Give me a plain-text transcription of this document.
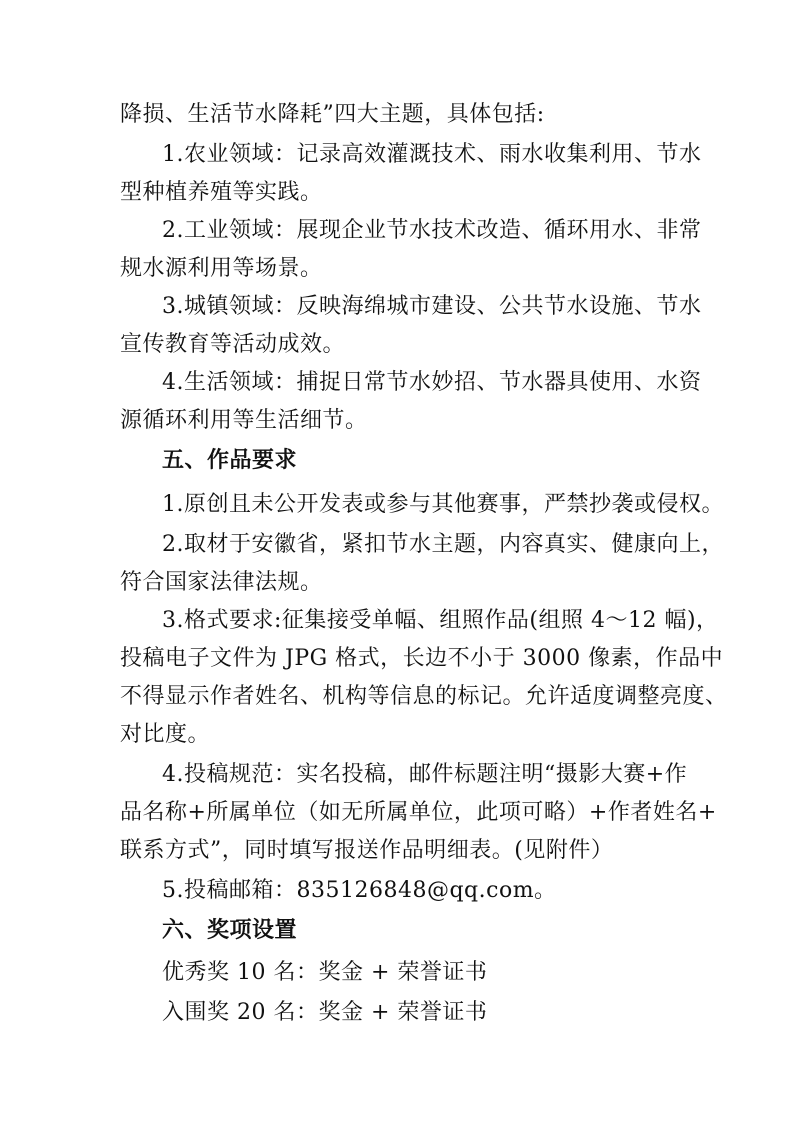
降损、生活节水降耗”四大主题，具体包括:
1.农业领域：记录高效灌溉技术、雨水收集利用、节水
型种植养殖等实践。
2.工业领域：展现企业节水技术改造、循环用水、非常
规水源利用等场景。
3.城镇领域：反映海绵城市建设、公共节水设施、节水
宣传教育等活动成效。
4.生活领域：捕捉日常节水妙招、节水器具使用、水资
源循环利用等生活细节。
五、作品要求
1.原创且未公开发表或参与其他赛事，严禁抄袭或侵权。
2.取材于安徽省，紧扣节水主题，内容真实、健康向上，
符合国家法律法规。
3.格式要求:征集接受单幅、组照作品(组照 4～12 幅)，
投稿电子文件为 JPG 格式，长边不小于 3000 像素，作品中
不得显示作者姓名、机构等信息的标记。允许适度调整亮度、
对比度。
4.投稿规范：实名投稿，邮件标题注明“摄影大赛+作
品名称+所属单位（如无所属单位，此项可略）+作者姓名+
联系方式”，同时填写报送作品明细表。(见附件）
5.投稿邮箱：835126848@qq.com。
六、奖项设置
优秀奖 10 名：奖金 + 荣誉证书
入围奖 20 名：奖金 + 荣誉证书
